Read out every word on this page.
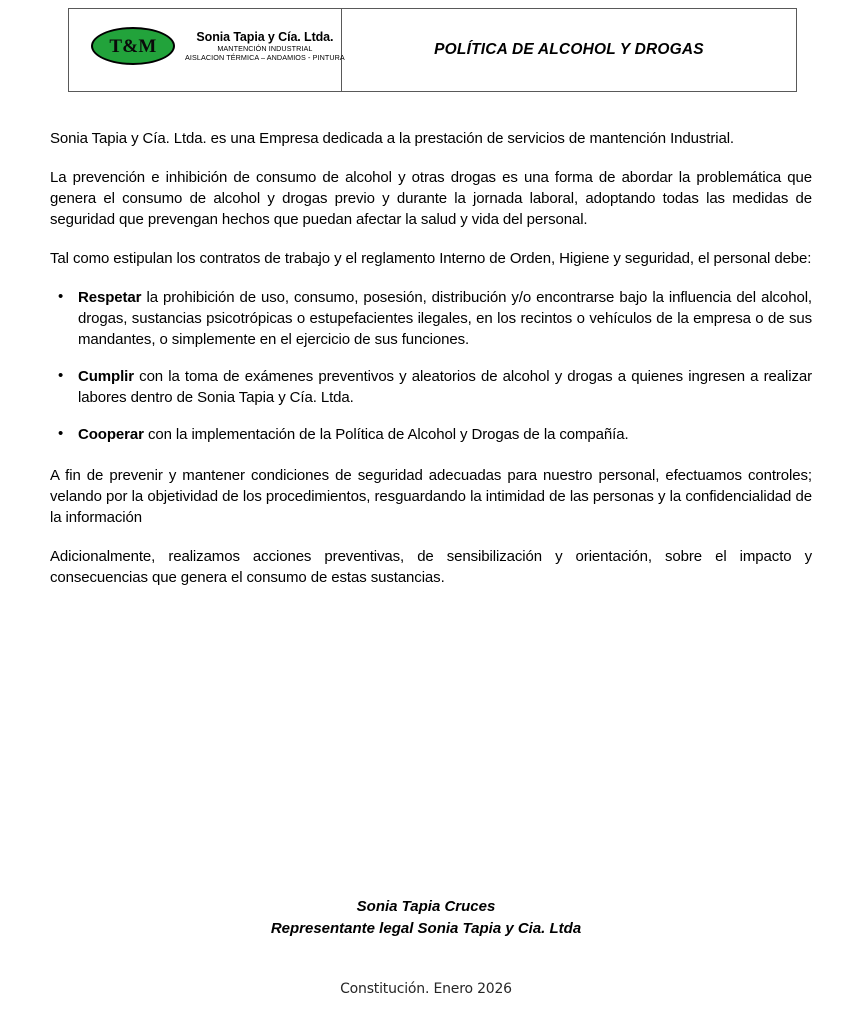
T&M	Sonia Tapia y Cía. Ltda.
MANTENCIÓN INDUSTRIAL
AISLACION TÉRMICA – ANDAMIOS - PINTURA	POLÍTICA DE ALCOHOL Y DROGAS

Sonia Tapia y Cía. Ltda. es una Empresa dedicada a la prestación de servicios de mantención Industrial.

La prevención e inhibición de consumo de alcohol y otras drogas es una forma de abordar la problemática que genera el consumo de alcohol y drogas previo y durante la jornada laboral, adoptando todas las medidas de seguridad que prevengan hechos que puedan afectar la salud y vida del personal.

Tal como estipulan los contratos de trabajo y el reglamento Interno de Orden, Higiene y seguridad, el personal debe:

• Respetar la prohibición de uso, consumo, posesión, distribución y/o encontrarse bajo la influencia del alcohol, drogas, sustancias psicotrópicas o estupefacientes ilegales, en los recintos o vehículos de la empresa o de sus mandantes, o simplemente en el ejercicio de sus funciones.
• Cumplir con la toma de exámenes preventivos y aleatorios de alcohol y drogas a quienes ingresen a realizar labores dentro de Sonia Tapia y Cía. Ltda.
• Cooperar con la implementación de la Política de Alcohol y Drogas de la compañía.

A fin de prevenir y mantener condiciones de seguridad adecuadas para nuestro personal, efectuamos controles; velando por la objetividad de los procedimientos, resguardando la intimidad de las personas y la confidencialidad de la información

Adicionalmente, realizamos acciones preventivas, de sensibilización y orientación, sobre el impacto y consecuencias que genera el consumo de estas sustancias.

Sonia Tapia Cruces
Representante legal Sonia Tapia y Cia. Ltda
Constitución. Enero 2026
